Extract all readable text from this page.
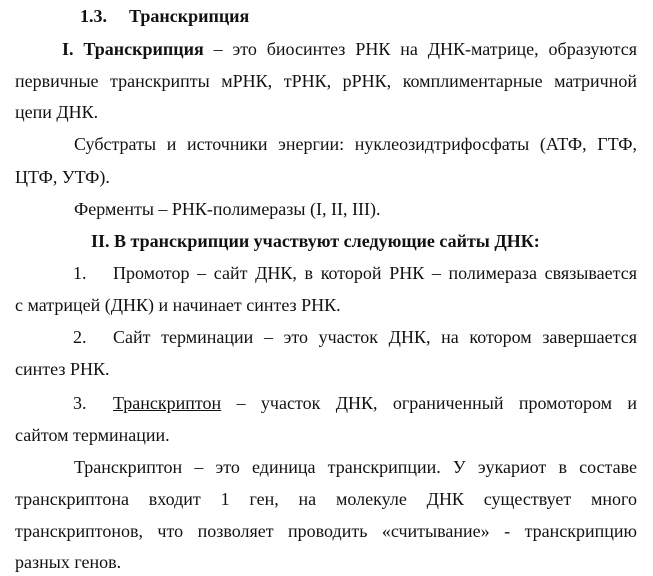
1.3. Транскрипция
I. Транскрипция – это биосинтез РНК на ДНК-матрице, образуются
первичные транскрипты мРНК, тРНК, рРНК, комплиментарные матричной
цепи ДНК.
Субстраты и источники энергии: нуклеозидтрифосфаты (АТФ, ГТФ,
ЦТФ, УТФ).
Ферменты – РНК-полимеразы (I, II, III).
II. В транскрипции участвуют следующие сайты ДНК:
1. Промотор – сайт ДНК, в которой РНК – полимераза связывается
с матрицей (ДНК) и начинает синтез РНК.
2. Сайт терминации – это участок ДНК, на котором завершается
синтез РНК.
3. Транскриптон – участок ДНК, ограниченный промотором и
сайтом терминации.
Транскриптон – это единица транскрипции. У эукариот в составе
транскриптона входит 1 ген, на молекуле ДНК существует много
транскриптонов, что позволяет проводить «считывание» - транскрипцию
разных генов.
